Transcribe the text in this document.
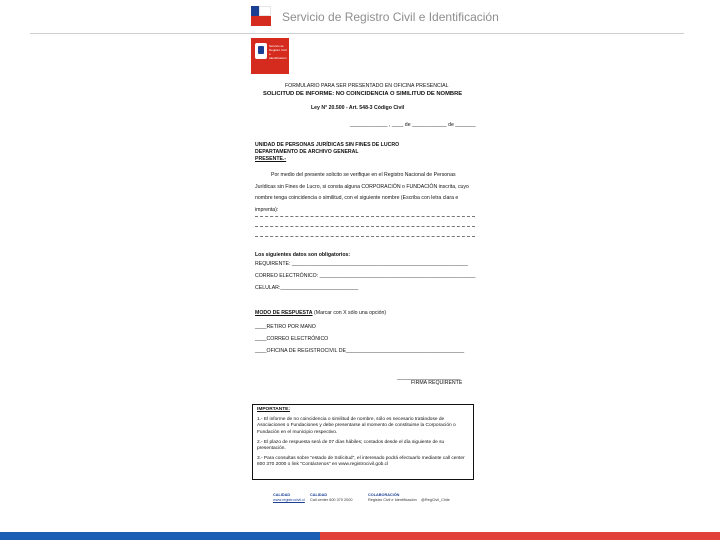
Servicio de Registro Civil e Identificación
Servicio de Registro Civil e Identificación
FORMULARIO PARA SER PRESENTADO EN OFICINA PRESENCIAL
SOLICITUD DE INFORME: NO COINCIDENCIA O SIMILITUD DE NOMBRE
Ley N° 20.500 - Art. 548-3 Código Civil
_____________ , ____ de ____________ de _______
UNIDAD DE PERSONAS JURÍDICAS SIN FINES DE LUCRO
DEPARTAMENTO DE ARCHIVO GENERAL
PRESENTE.-
Por medio del presente solicito se verifique en el Registro Nacional de Personas Jurídicas sin Fines de Lucro, si consta alguna CORPORACIÓN o FUNDACIÓN inscrita, cuyo nombre tenga coincidencia o similitud, con el siguiente nombre (Escriba con letra clara e imprenta):
Los siguientes datos son obligatorios:
REQUIRENTE: _____________________________________________________________
CORREO ELECTRÓNICO: ______________________________________________________
CELULAR:___________________________
MODO DE RESPUESTA (Marcar con X sólo una opción)
____RETIRO POR MANO
____CORREO ELECTRÓNICO
____OFICINA DE REGISTROCIVIL DE_________________________________________
______________________
FIRMA REQUIRENTE

IMPORTANTE:

1.- El informe de no coincidencia o similitud de nombre, sólo es necesario tratándose de Asociaciones o Fundaciones y debe presentarse al momento de constituirse la Corporación o Fundación en el municipio respectivo.

2.- El plazo de respuesta será de 07 días hábiles; contados desde el día siguiente de su presentación.

3.- Para consultas sobre "estado de Solicitud", el interesado podrá efectuarlo mediante call center 600 370 2000 o link "Contáctenos" en www.registrocivil.gob.cl

CALIDAD
www.registrocivil.cl
CALIDAD
Call center 600 370 2000
COLABORACIÓN
Registro Civil e Identificación @RegCivil_Chile
